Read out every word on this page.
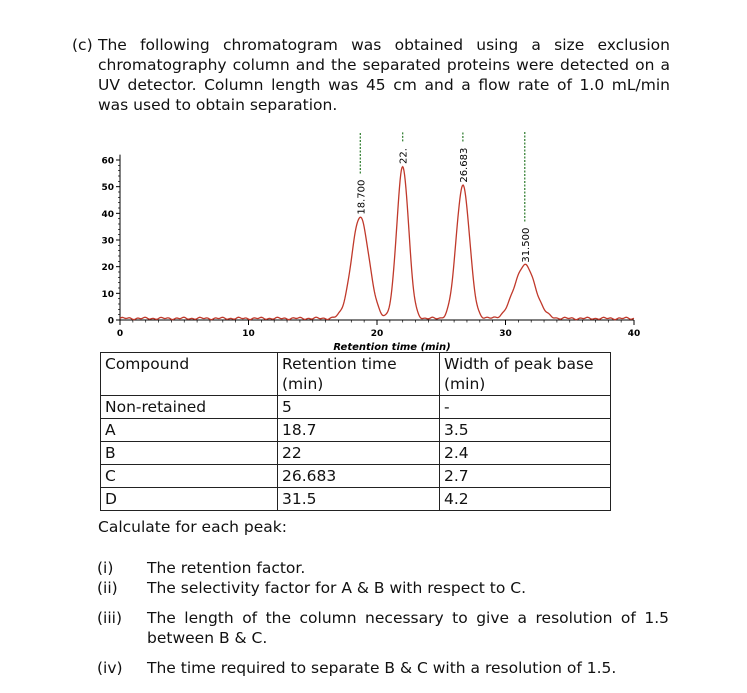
(c) The following chromatogram was obtained using a size exclusion chromatography column and the separated proteins were detected on a UV detector. Column length was 45 cm and a flow rate of 1.0 mL/min was used to obtain separation.
0
10
20
30
40
50
60
0	10	20	30	40
18.700
22.	26.683
31.500
Retention time (min)
Compound	Retention time (min)	Width of peak base (min)
Non-retained	5	-
A	18.7	3.5
B	22	2.4
C	26.683	2.7
D	31.5	4.2
Calculate for each peak:
(i)	The retention factor.
(ii)	The selectivity factor for A & B with respect to C.
(iii)	The length of the column necessary to give a resolution of 1.5 between B & C.
(iv)	The time required to separate B & C with a resolution of 1.5.
